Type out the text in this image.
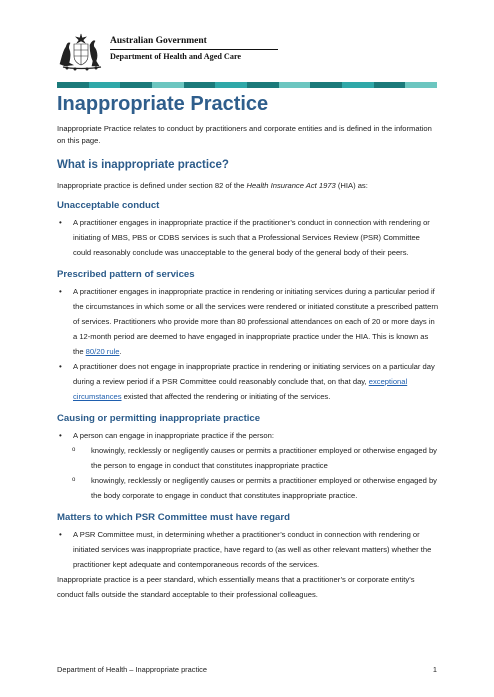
Australian Government
Department of Health and Aged Care
Inappropriate Practice

Inappropriate Practice relates to conduct by practitioners and corporate entities and is defined in the information on this page.

What is inappropriate practice?

Inappropriate practice is defined under section 82 of the Health Insurance Act 1973 (HIA) as:

Unacceptable conduct
• A practitioner engages in inappropriate practice if the practitioner’s conduct in connection with rendering or initiating of MBS, PBS or CDBS services is such that a Professional Services Review (PSR) Committee could reasonably conclude was unacceptable to the general body of the general body of their peers.
Prescribed pattern of services
• A practitioner engages in inappropriate practice in rendering or initiating services during a particular period if the circumstances in which some or all the services were rendered or initiated constitute a prescribed pattern of services. Practitioners who provide more than 80 professional attendances on each of 20 or more days in a 12-month period are deemed to have engaged in inappropriate practice under the HIA. This is known as the 80/20 rule.
• A practitioner does not engage in inappropriate practice in rendering or initiating services on a particular day during a review period if a PSR Committee could reasonably conclude that, on that day, exceptional circumstances existed that affected the rendering or initiating of the services.
Causing or permitting inappropriate practice
• A person can engage in inappropriate practice if the person:
o knowingly, recklessly or negligently causes or permits a practitioner employed or otherwise engaged by the person to engage in conduct that constitutes inappropriate practice
o knowingly, recklessly or negligently causes or permits a practitioner employed or otherwise engaged by the body corporate to engage in conduct that constitutes inappropriate practice.
Matters to which PSR Committee must have regard
• A PSR Committee must, in determining whether a practitioner’s conduct in connection with rendering or initiated services was inappropriate practice, have regard to (as well as other relevant matters) whether the practitioner kept adequate and contemporaneous records of the services.

Inappropriate practice is a peer standard, which essentially means that a practitioner’s or corporate entity’s conduct falls outside the standard acceptable to their professional colleagues.

Department of Health – Inappropriate practice	1
